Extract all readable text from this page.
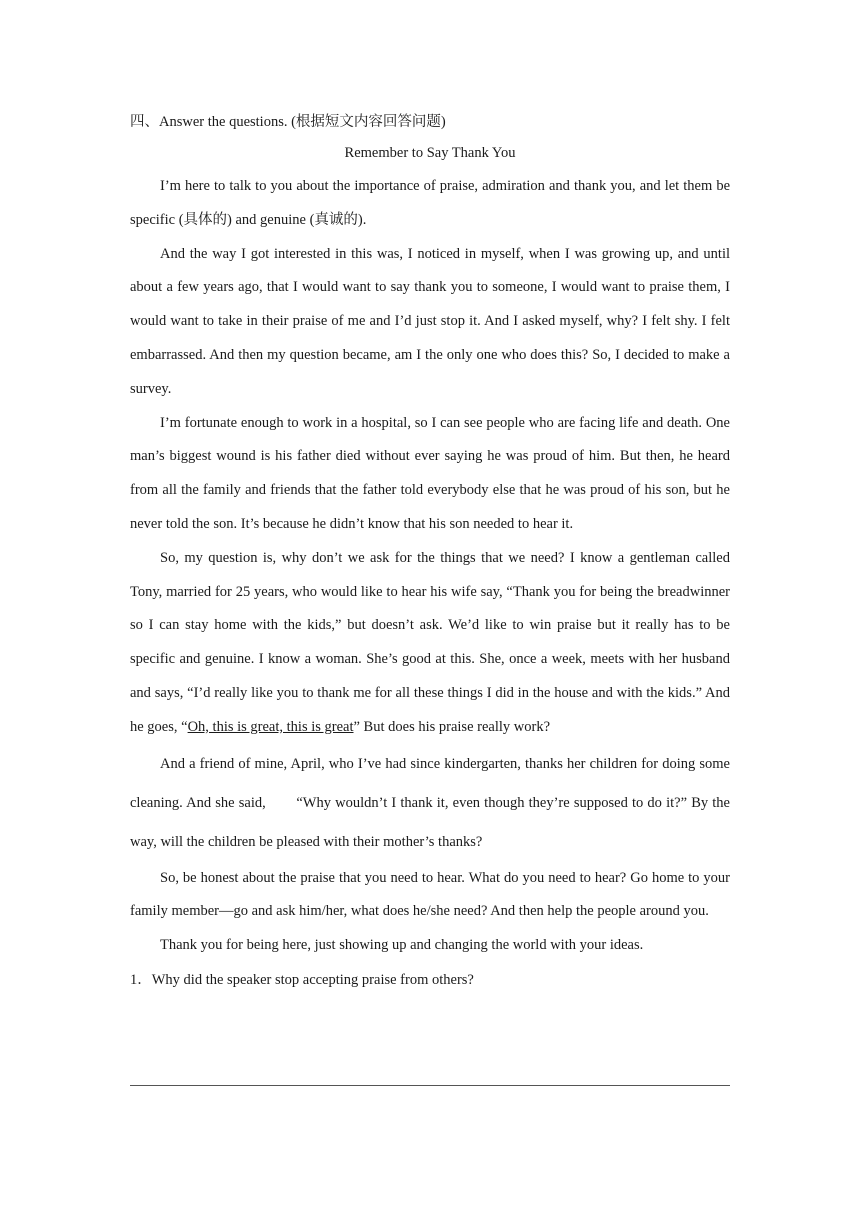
四、Answer the questions. (根据短文内容回答问题)
Remember to Say Thank You

I’m here to talk to you about the importance of praise, admiration and thank you, and let them be specific (具体的) and genuine (真诚的).

And the way I got interested in this was, I noticed in myself, when I was growing up, and until about a few years ago, that I would want to say thank you to someone, I would want to praise them, I would want to take in their praise of me and I’d just stop it. And I asked myself, why? I felt shy. I felt embarrassed. And then my question became, am I the only one who does this? So, I decided to make a survey.

I’m fortunate enough to work in a hospital, so I can see people who are facing life and death. One man’s biggest wound is his father died without ever saying he was proud of him. But then, he heard from all the family and friends that the father told everybody else that he was proud of his son, but he never told the son. It’s because he didn’t know that his son needed to hear it.

So, my question is, why don’t we ask for the things that we need? I know a gentleman called Tony, married for 25 years, who would like to hear his wife say, “Thank you for being the breadwinner so I can stay home with the kids,” but doesn’t ask. We’d like to win praise but it really has to be specific and genuine. I know a woman. She’s good at this. She, once a week, meets with her husband and says, “I’d really like you to thank me for all these things I did in the house and with the kids.” And he goes, “Oh, this is great, this is great” But does his praise really work?

And a friend of mine, April, who I’ve had since kindergarten, thanks her children for doing some cleaning. And she said,　　“Why wouldn’t I thank it, even though they’re supposed to do it?” By the way, will the children be pleased with their mother’s thanks?

So, be honest about the praise that you need to hear. What do you need to hear? Go home to your family member—go and ask him/her, what does he/she need? And then help the people around you.

Thank you for being here, just showing up and changing the world with your ideas.

1．Why did the speaker stop accepting praise from others?
